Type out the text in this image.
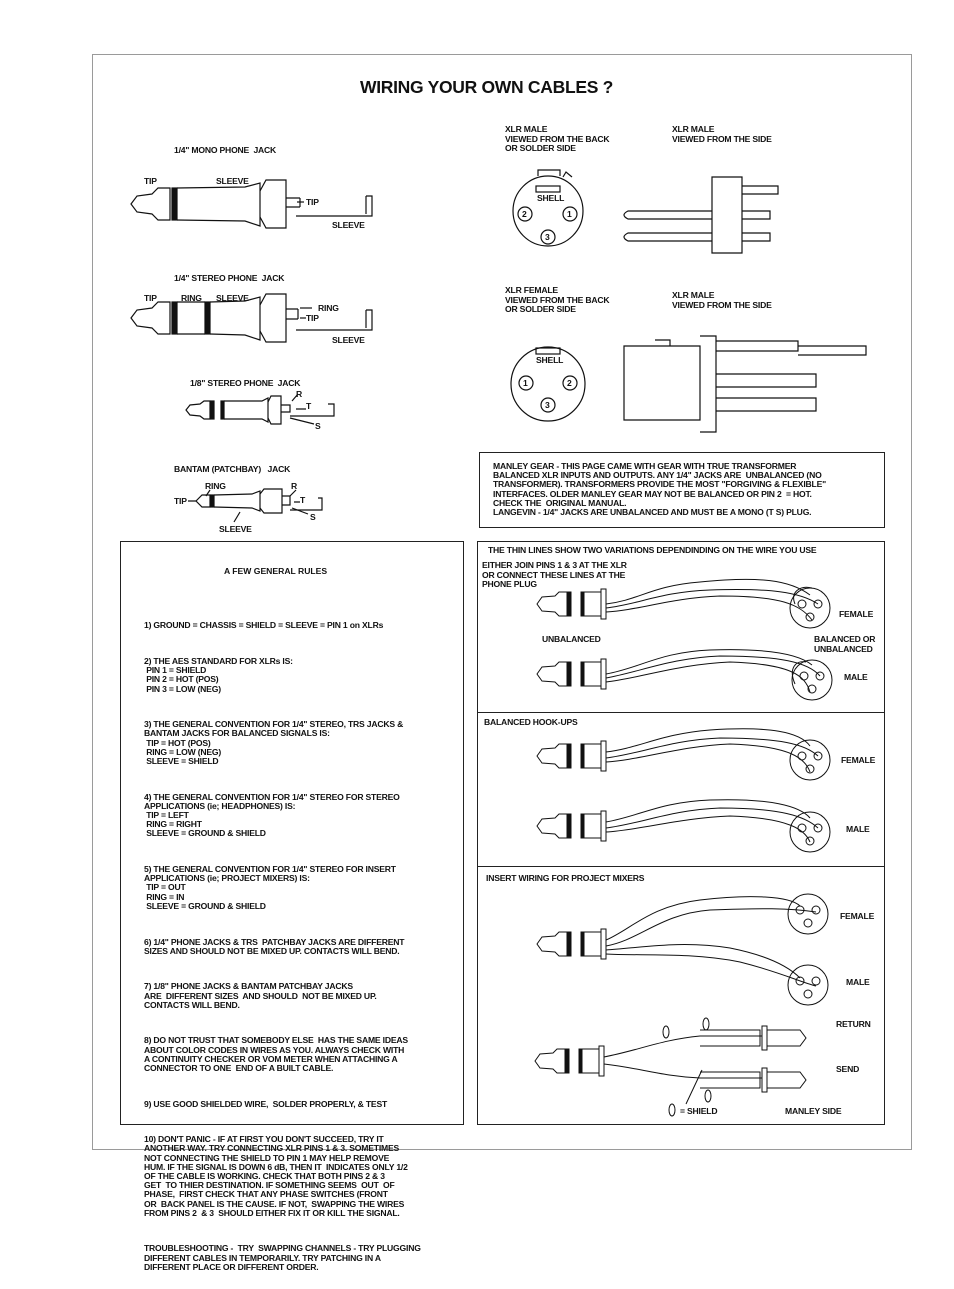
WIRING YOUR OWN CABLES ?
1/4" MONO PHONE  JACK
TIP	SLEEVE
TIP
SLEEVE
1/4" STEREO PHONE  JACK
TIP	RING SLEEVE
RING
TIP
SLEEVE
1/8" STEREO PHONE  JACK
R
T
S
BANTAM (PATCHBAY)   JACK
RING	R
TIP	T
S
SLEEVE
XLR MALE
VIEWED FROM THE BACK
OR SOLDER SIDE
XLR MALE
VIEWED FROM THE SIDE
SHELL
2	1
3
XLR FEMALE
VIEWED FROM THE BACK
OR SOLDER SIDE
XLR MALE
VIEWED FROM THE SIDE
SHELL
1	2
3
MANLEY GEAR - THIS PAGE CAME WITH GEAR WITH TRUE TRANSFORMER
BALANCED XLR INPUTS AND OUTPUTS. ANY 1/4" JACKS ARE  UNBALANCED (NO
TRANSFORMER). TRANSFORMERS PROVIDE THE MOST "FORGIVING & FLEXIBLE"
INTERFACES. OLDER MANLEY GEAR MAY NOT BE BALANCED OR PIN 2  = HOT.
CHECK THE  ORIGINAL MANUAL.
LANGEVIN - 1/4" JACKS ARE UNBALANCED AND MUST BE A MONO (T S) PLUG.
A FEW GENERAL RULES

1) GROUND = CHASSIS = SHIELD = SLEEVE = PIN 1 on XLRs

2) THE AES STANDARD FOR XLRs IS:
PIN 1 = SHIELD
PIN 2 = HOT (POS)
PIN 3 = LOW (NEG)

3) THE GENERAL CONVENTION FOR 1/4" STEREO, TRS JACKS &
BANTAM JACKS FOR BALANCED SIGNALS IS:
TIP = HOT (POS)
RING = LOW (NEG)
SLEEVE = SHIELD

4) THE GENERAL CONVENTION FOR 1/4" STEREO FOR STEREO
APPLICATIONS (ie; HEADPHONES) IS:
TIP = LEFT
RING = RIGHT
SLEEVE = GROUND & SHIELD

5) THE GENERAL CONVENTION FOR 1/4" STEREO FOR INSERT
APPLICATIONS (ie; PROJECT MIXERS) IS:
TIP = OUT
RING = IN
SLEEVE = GROUND & SHIELD

6) 1/4" PHONE JACKS & TRS  PATCHBAY JACKS ARE DIFFERENT
SIZES AND SHOULD NOT BE MIXED UP. CONTACTS WILL BEND.

7) 1/8" PHONE JACKS & BANTAM PATCHBAY JACKS
ARE  DIFFERENT SIZES  AND SHOULD  NOT BE MIXED UP.
CONTACTS WILL BEND.

8) DO NOT TRUST THAT SOMEBODY ELSE  HAS THE SAME IDEAS
ABOUT COLOR CODES IN WIRES AS YOU. ALWAYS CHECK WITH
A CONTINUITY CHECKER OR VOM METER WHEN ATTACHING A
CONNECTOR TO ONE  END OF A BUILT CABLE.

9) USE GOOD SHIELDED WIRE,  SOLDER PROPERLY, & TEST

10) DON'T PANIC - IF AT FIRST YOU DON'T SUCCEED, TRY IT
ANOTHER WAY. TRY CONNECTING XLR PINS 1 & 3. SOMETIMES
NOT CONNECTING THE SHIELD TO PIN 1 MAY HELP REMOVE
HUM. IF THE SIGNAL IS DOWN 6 dB, THEN IT  INDICATES ONLY 1/2
OF THE CABLE IS WORKING. CHECK THAT BOTH PINS 2 & 3
GET  TO THIER DESTINATION. IF SOMETHING SEEMS  OUT  OF
PHASE,  FIRST CHECK THAT ANY PHASE SWITCHES (FRONT
OR  BACK PANEL IS THE CAUSE. IF NOT,  SWAPPING THE WIRES
FROM PINS 2  & 3  SHOULD EITHER FIX IT OR KILL THE SIGNAL.

TROUBLESHOOTING -  TRY  SWAPPING CHANNELS - TRY PLUGGING
DIFFERENT CABLES IN TEMPORARILY. TRY PATCHING IN A
DIFFERENT PLACE OR DIFFERENT ORDER.

THE THIN LINES SHOW TWO VARIATIONS DEPENDINDING ON THE WIRE YOU USE
EITHER JOIN PINS 1 & 3 AT THE XLR
OR CONNECT THESE LINES AT THE
PHONE PLUG
FEMALE
UNBALANCED	BALANCED OR
UNBALANCED
MALE
BALANCED HOOK-UPS
FEMALE
MALE
INSERT WIRING FOR PROJECT MIXERS
FEMALE
MALE
RETURN
SEND
= SHIELD	MANLEY SIDE
